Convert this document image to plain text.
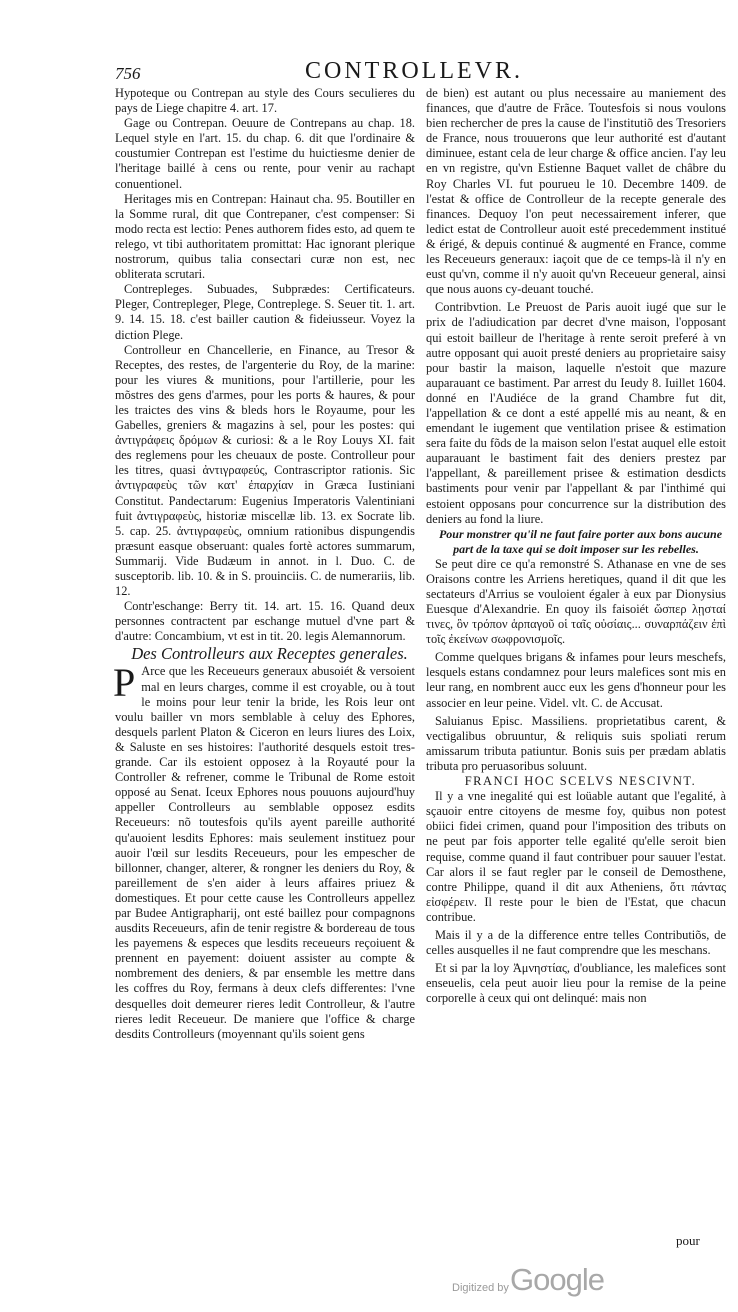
756	CONTROLLEVR.

Hypoteque ou Contrepan au style des Cours seculieres du pays de Liege chapitre 4. art. 17.

Gage ou Contrepan. Oeuure de Contrepans au chap. 18. Lequel style en l'art. 15. du chap. 6. dit que l'ordinaire & coustumier Contrepan est l'estime du huictiesme denier de l'heritage baillé à cens ou rente, pour venir au rachapt conuentionel.

Heritages mis en Contrepan: Hainaut cha. 95. Boutiller en la Somme rural, dit que Contrepaner, c'est compenser: Si modo recta est lectio: Penes authorem fides esto, ad quem te relego, vt tibi authoritatem promittat: Hac ignorant plerique nostrorum, quibus talia consectari curæ non est, nec obliterata scrutari.

Contrepleges. Subuades, Subprædes: Certificateurs. Pleger, Contrepleger, Plege, Contreplege. S. Seuer tit. 1. art. 9. 14. 15. 18. c'est bailler caution & fideiusseur. Voyez la diction Plege.

Controlleur en Chancellerie, en Finance, au Tresor & Receptes, des restes, de l'argenterie du Roy, de la marine: pour les viures & munitions, pour l'artillerie, pour les mõstres des gens d'armes, pour les ports & haures, & pour les traictes des vins & bleds hors le Royaume, pour les Gabelles, greniers & magazins à sel, pour les postes: qui ἀντιγράφεις δρόμων & curiosi: & a le Roy Louys XI. fait des reglemens pour les cheuaux de poste. Controlleur pour les titres, quasi ἀντιγραφεύς, Contrascriptor rationis. Sic ἀντιγραφεὺς τῶν κατ' ἐπαρχίαν in Græca Iustiniani Constitut. Pandectarum: Eugenius Imperatoris Valentiniani fuit ἀντιγραφεὺς, historiæ miscellæ lib. 13. ex Socrate lib. 5. cap. 25. ἀντιγραφεὺς, omnium rationibus dispungendis præsunt easque obseruant: quales fortè actores summarum, Summarij. Vide Budæum in annot. in l. Duo. C. de susceptorib. lib. 10. & in S. prouinciis. C. de numerariis, lib. 12.

Contr'eschange: Berry tit. 14. art. 15. 16. Quand deux personnes contractent par eschange mutuel d'vne part & d'autre: Concambium, vt est in tit. 20. legis Alemannorum.

Des Controlleurs aux Receptes generales.

P Arce que les Receueurs generaux abusoiét & versoient mal en leurs charges, comme il est croyable, ou à tout le moins pour leur tenir la bride, les Rois leur ont voulu bailler vn mors semblable à celuy des Ephores, desquels parlent Platon & Ciceron en leurs liures des Loix, & Saluste en ses histoires: l'authorité desquels estoit tres-grande. Car ils estoient opposez à la Royauté pour la Controller & refrener, comme le Tribunal de Rome estoit opposé au Senat. Iceux Ephores nous pouuons aujourd'huy appeller Controlleurs au semblable opposez esdits Receueurs: nõ toutesfois qu'ils ayent pareille authorité qu'auoient lesdits Ephores: mais seulement instituez pour auoir l'œil sur lesdits Receueurs, pour les empescher de billonner, changer, alterer, & rongner les deniers du Roy, & pareillement de s'en aider à leurs affaires priuez & domestiques. Et pour cette cause les Controlleurs appellez par Budee Antigrapharij, ont esté baillez pour compagnons ausdits Receueurs, afin de tenir registre & bordereau de tous les payemens & especes que lesdits receueurs reçoiuent & prennent en payement: doiuent assister au compte & nombrement des deniers, & par ensemble les mettre dans les coffres du Roy, fermans à deux clefs differentes: l'vne desquelles doit demeurer rieres ledit Controlleur, & l'autre rieres ledit Receueur. De maniere que l'office & charge desdits Controlleurs (moyennant qu'ils soient gens

de bien) est autant ou plus necessaire au maniement des finances, que d'autre de Frãce. Toutesfois si nous voulons bien rechercher de pres la cause de l'institutiõ des Tresoriers de France, nous trouuerons que leur authorité est d'autant diminuee, estant cela de leur charge & office ancien. I'ay leu en vn registre, qu'vn Estienne Baquet vallet de châbre du Roy Charles VI. fut pourueu le 10. Decembre 1409. de l'estat & office de Controlleur de la recepte generale des finances. Dequoy l'on peut necessairement inferer, que ledict estat de Controlleur auoit esté precedemment institué & érigé, & depuis continué & augmenté en France, comme les Receueurs generaux: iaçoit que de ce temps-là il n'y en eust qu'vn, comme il n'y auoit qu'vn Receueur general, ainsi que nous auons cy-deuant touché.

Contribvtion. Le Preuost de Paris auoit iugé que sur le prix de l'adiudication par decret d'vne maison, l'opposant qui estoit bailleur de l'heritage à rente seroit preferé à vn autre opposant qui auoit presté deniers au proprietaire saisy pour bastir la maison, laquelle n'estoit que mazure auparauant ce bastiment. Par arrest du Ieudy 8. Iuillet 1604. donné en l'Audiéce de la grand Chambre fut dit, l'appellation & ce dont a esté appellé mis au neant, & en emendant le iugement que ventilation prisee & estimation sera faite du fõds de la maison selon l'estat auquel elle estoit auparauant le bastiment fait des deniers prestez par l'appellant, & pareillement prisee & estimation desdicts bastiments pour venir par l'appellant & par l'inthimé qui estoient opposans pour concurrence sur la distribution des deniers au fond la liure.

Pour monstrer qu'il ne faut faire porter aux bons aucune part de la taxe qui se doit imposer sur les rebelles.

Se peut dire ce qu'a remonstré S. Athanase en vne de ses Oraisons contre les Arriens heretiques, quand il dit que les sectateurs d'Arrius se vouloient égaler à eux par Dionysius Euesque d'Alexandrie. En quoy ils faisoiét ὥσπερ λῃσταί τινες, ὃν τρόπον ἁρπαγοῦ οἱ ταῖς οὐσίαις... συναρπάζειν ἐπὶ τοῖς ἐκείνων σωφρονισμοῖς.

Comme quelques brigans & infames pour leurs meschefs, lesquels estans condamnez pour leurs malefices sont mis en leur rang, en nombrent aucc eux les gens d'honneur pour les associer en leur peine. Videl. vlt. C. de Accusat.

Saluianus Episc. Massiliens. proprietatibus carent, & vectigalibus obruuntur, & reliquis suis spoliati rerum amissarum tributa patiuntur. Bonis suis per prædam ablatis tributa pro peruasoribus soluunt.

FRANCI HOC SCELVS NESCIVNT.

Il y a vne inegalité qui est loüable autant que l'egalité, à sçauoir entre citoyens de mesme foy, quibus non potest obiici fidei crimen, quand pour l'imposition des tributs on ne peut par fois apporter telle egalité qu'elle seroit bien requise, comme quand il faut contribuer pour sauuer l'estat. Car alors il se faut regler par le conseil de Demosthene, contre Philippe, quand il dit aux Atheniens, ὅτι πάντας εἰσφέρειν. Il reste pour le bien de l'Estat, que chacun contribue.

Mais il y a de la difference entre telles Contributiõs, de celles ausquelles il ne faut comprendre que les meschans.

Et si par la loy Ἀμνηστίας, d'oubliance, les malefices sont enseuelis, cela peut auoir lieu pour la remise de la peine corporelle à ceux qui ont delinqué: mais non

pour
Digitized by Google
